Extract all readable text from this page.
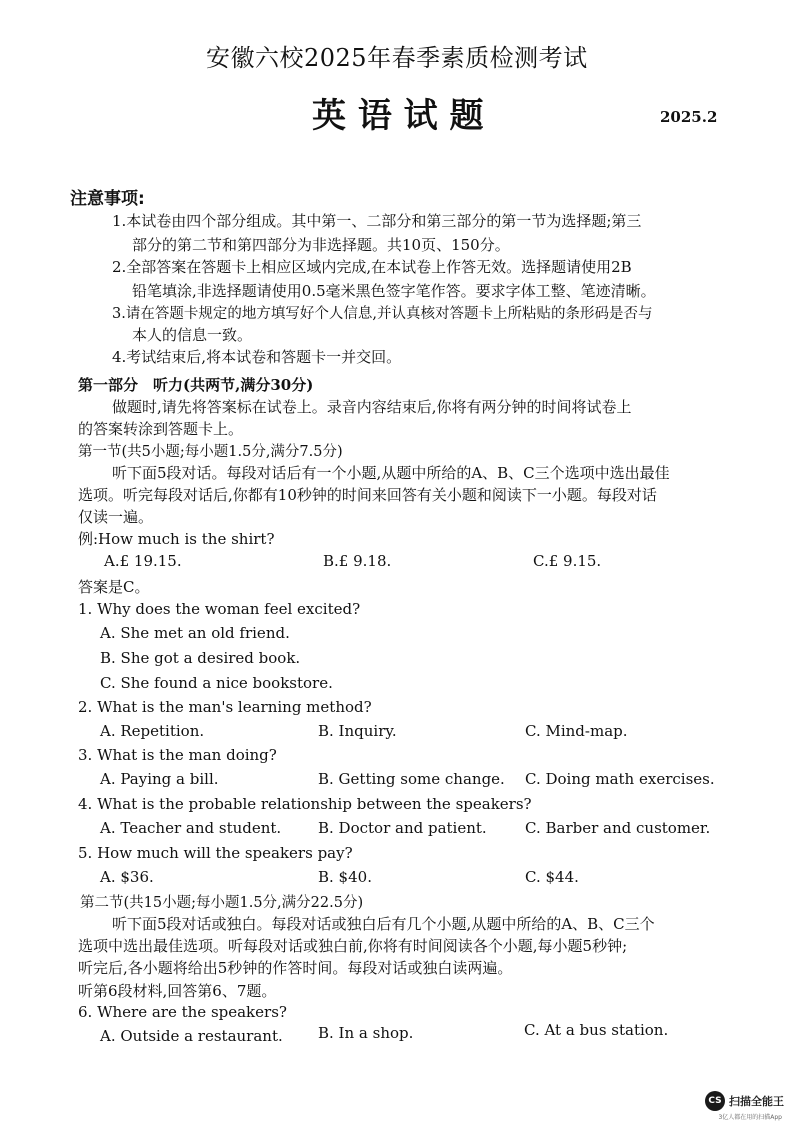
安徽六校2025年春季素质检测考试
英 语 试 题	2025.2
注意事项:
1.本试卷由四个部分组成。其中第一、二部分和第三部分的第一节为选择题;第三
部分的第二节和第四部分为非选择题。共10页、150分。
2.全部答案在答题卡上相应区域内完成,在本试卷上作答无效。选择题请使用2B
铅笔填涂,非选择题请使用0.5毫米黑色签字笔作答。要求字体工整、笔迹清晰。
3.请在答题卡规定的地方填写好个人信息,并认真核对答题卡上所粘贴的条形码是否与
本人的信息一致。
4.考试结束后,将本试卷和答题卡一并交回。
第一部分　听力(共两节,满分30分)
做题时,请先将答案标在试卷上。录音内容结束后,你将有两分钟的时间将试卷上
的答案转涂到答题卡上。
第一节(共5小题;每小题1.5分,满分7.5分)
听下面5段对话。每段对话后有一个小题,从题中所给的A、B、C三个选项中选出最佳
选项。听完每段对话后,你都有10秒钟的时间来回答有关小题和阅读下一小题。每段对话
仅读一遍。
例:How much is the shirt?
A.£ 19.15.	B.£ 9.18.	C.£ 9.15.
答案是C。
1. Why does the woman feel excited?
A. She met an old friend.
B. She got a desired book.
C. She found a nice bookstore.
2. What is the man's learning method?
A. Repetition.	B. Inquiry.	C. Mind-map.
3. What is the man doing?
A. Paying a bill.	B. Getting some change. C. Doing math exercises.
4. What is the probable relationship between the speakers?
A. Teacher and student. B. Doctor and patient.	C. Barber and customer.
5. How much will the speakers pay?
A. $36.	B. $40.	C. $44.
第二节(共15小题;每小题1.5分,满分22.5分)
听下面5段对话或独白。每段对话或独白后有几个小题,从题中所给的A、B、C三个
选项中选出最佳选项。听每段对话或独白前,你将有时间阅读各个小题,每小题5秒钟;
听完后,各小题将给出5秒钟的作答时间。每段对话或独白读两遍。
听第6段材料,回答第6、7题。
6. Where are the speakers?
A. Outside a restaurant. B. In a shop.	C. At a bus station.
CS 扫描全能王
3亿人都在用的扫描App
